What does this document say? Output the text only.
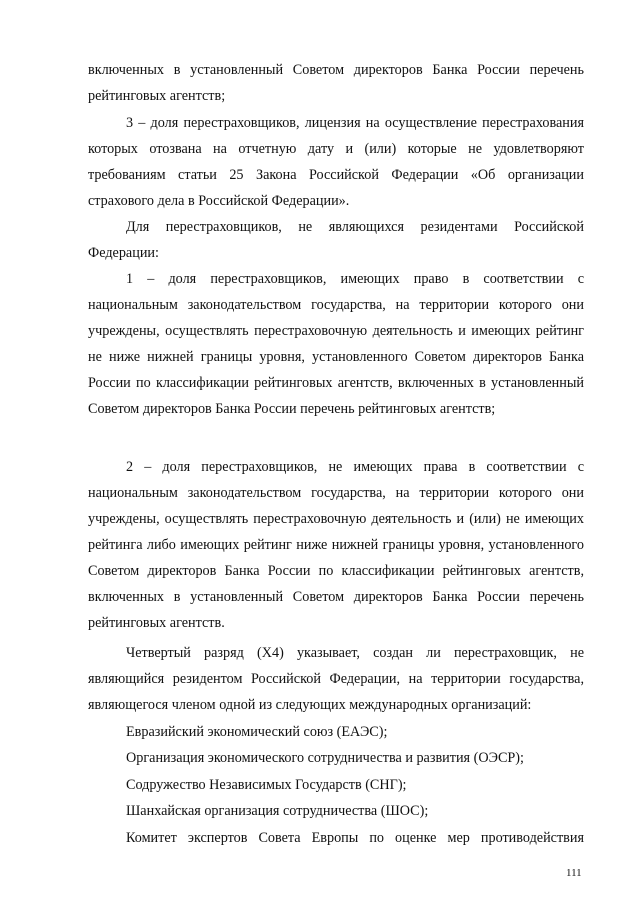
включенных в установленный Советом директоров Банка России перечень рейтинговых агентств;

3 – доля перестраховщиков, лицензия на осуществление перестрахования которых отозвана на отчетную дату и (или) которые не удовлетворяют требованиям статьи 25 Закона Российской Федерации «Об организации страхового дела в Российской Федерации».

Для перестраховщиков, не являющихся резидентами Российской Федерации:

1 – доля перестраховщиков, имеющих право в соответствии с национальным законодательством государства, на территории которого они учреждены, осуществлять перестраховочную деятельность и имеющих рейтинг не ниже нижней границы уровня, установленного Советом директоров Банка России по классификации рейтинговых агентств, включенных в установленный Советом директоров Банка России перечень рейтинговых агентств;

2 – доля перестраховщиков, не имеющих права в соответствии с национальным законодательством государства, на территории которого они учреждены, осуществлять перестраховочную деятельность и (или) не имеющих рейтинга либо имеющих рейтинг ниже нижней границы уровня, установленного Советом директоров Банка России по классификации рейтинговых агентств, включенных в установленный Советом директоров Банка России перечень рейтинговых агентств.

Четвертый разряд (Х4) указывает, создан ли перестраховщик, не являющийся резидентом Российской Федерации, на территории государства, являющегося членом одной из следующих международных организаций:

Евразийский экономический союз (ЕАЭС);

Организация экономического сотрудничества и развития (ОЭСР);

Содружество Независимых Государств (СНГ);

Шанхайская организация сотрудничества (ШОС);

Комитет экспертов Совета Европы по оценке мер противодействия

111
